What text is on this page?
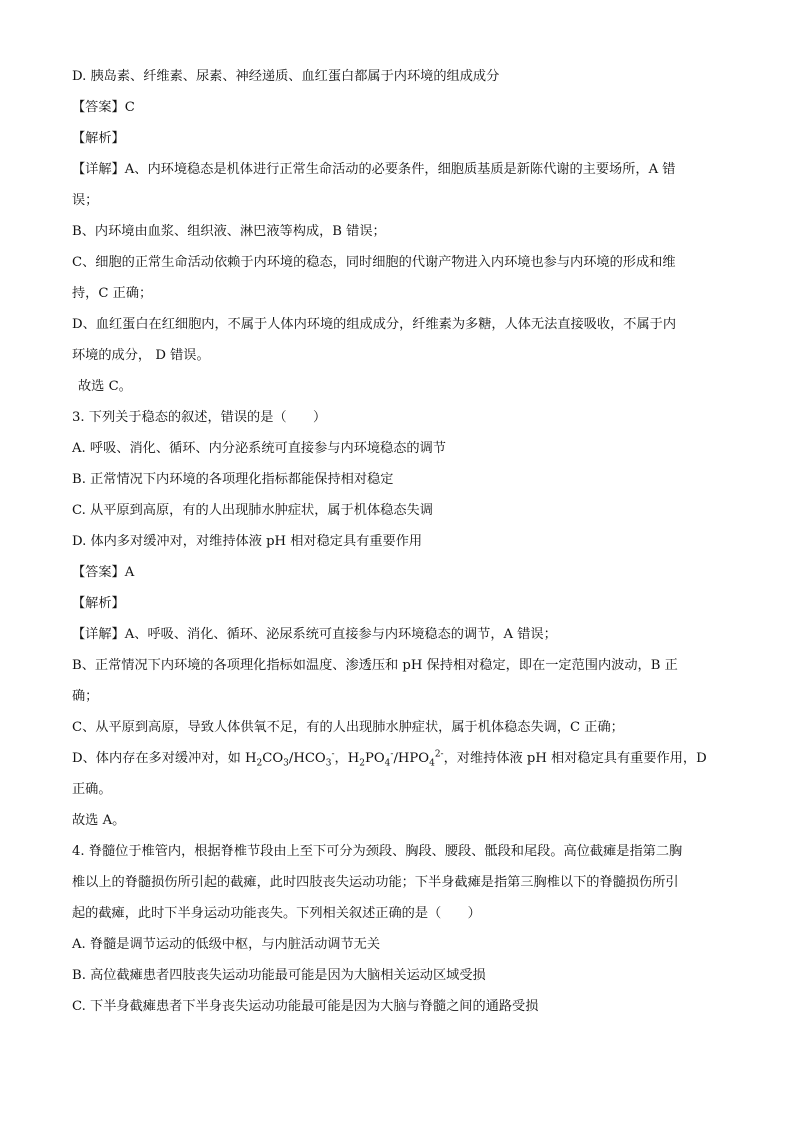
D. 胰岛素、纤维素、尿素、神经递质、血红蛋白都属于内环境的组成成分
【答案】C
【解析】
【详解】A、内环境稳态是机体进行正常生命活动的必要条件，细胞质基质是新陈代谢的主要场所，A 错
误；
B、内环境由血浆、组织液、淋巴液等构成，B 错误；
C、细胞的正常生命活动依赖于内环境的稳态，同时细胞的代谢产物进入内环境也参与内环境的形成和维
持，C 正确；
D、血红蛋白在红细胞内，不属于人体内环境的组成成分，纤维素为多糖，人体无法直接吸收，不属于内
环境的成分， D 错误。
故选 C。
3. 下列关于稳态的叙述，错误的是（　　）
A. 呼吸、消化、循环、内分泌系统可直接参与内环境稳态的调节
B. 正常情况下内环境的各项理化指标都能保持相对稳定
C. 从平原到高原，有的人出现肺水肿症状，属于机体稳态失调
D. 体内多对缓冲对，对维持体液 pH 相对稳定具有重要作用
【答案】A
【解析】
【详解】A、呼吸、消化、循环、泌尿系统可直接参与内环境稳态的调节，A 错误；
B、正常情况下内环境的各项理化指标如温度、渗透压和 pH 保持相对稳定，即在一定范围内波动，B 正
确；
C、从平原到高原，导致人体供氧不足，有的人出现肺水肿症状，属于机体稳态失调，C 正确；
D、体内存在多对缓冲对，如 $H_2CO_3/HCO_3^-$，$H_2PO_4^-/HPO_4^{2-}$，对维持体液 pH 相对稳定具有重要作用，D
正确。
故选 A。
4. 脊髓位于椎管内，根据脊椎节段由上至下可分为颈段、胸段、腰段、骶段和尾段。高位截瘫是指第二胸
椎以上的脊髓损伤所引起的截瘫，此时四肢丧失运动功能；下半身截瘫是指第三胸椎以下的脊髓损伤所引
起的截瘫，此时下半身运动功能丧失。下列相关叙述正确的是（　　）
A. 脊髓是调节运动的低级中枢，与内脏活动调节无关
B. 高位截瘫患者四肢丧失运动功能最可能是因为大脑相关运动区域受损
C. 下半身截瘫患者下半身丧失运动功能最可能是因为大脑与脊髓之间的通路受损
